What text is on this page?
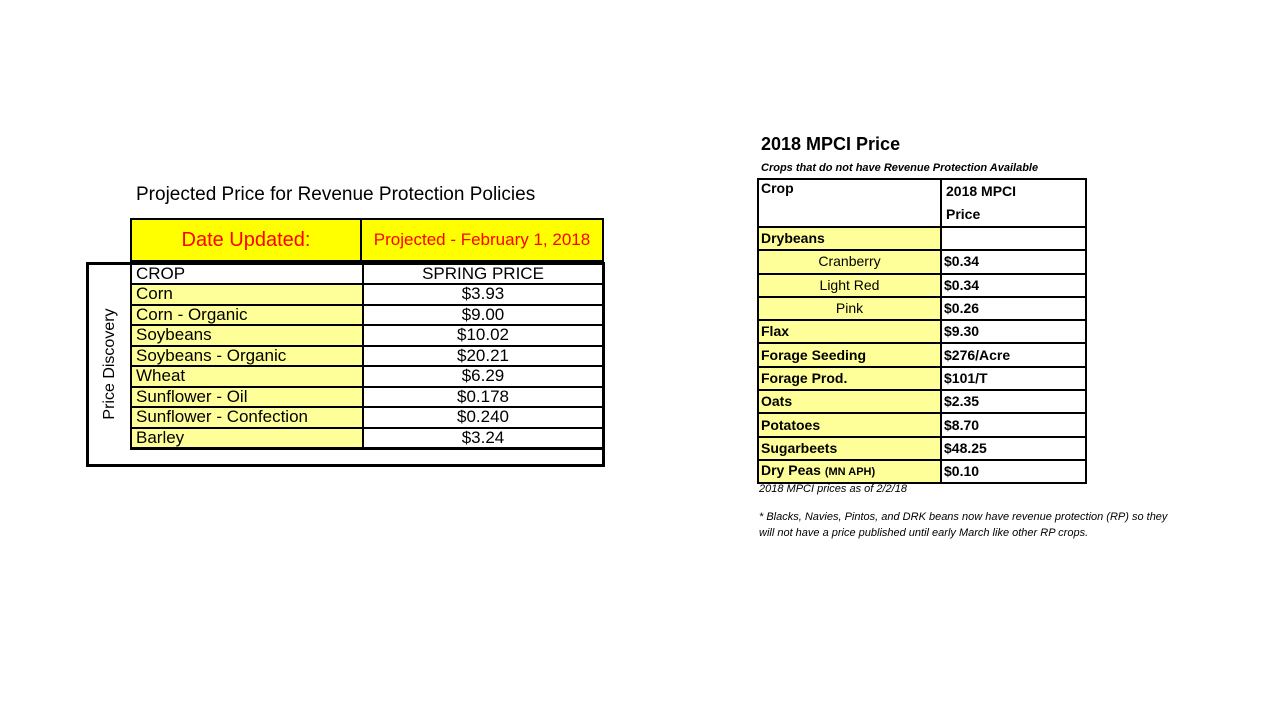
Projected Price for Revenue Protection Policies
Date Updated:	Projected - February 1, 2018
Price Discovery
CROP	SPRING PRICE
Corn	$3.93
Corn - Organic	$9.00
Soybeans	$10.02
Soybeans - Organic	$20.21
Wheat	$6.29
Sunflower - Oil	$0.178
Sunflower - Confection	$0.240
Barley	$3.24
2018 MPCI Price
Crops that do not have Revenue Protection Available
Crop	2018 MPCI
Price

Drybeans	
Cranberry	$0.34
Light Red	$0.34
Pink	$0.26
Flax	$9.30
Forage Seeding	$276/Acre
Forage Prod.	$101/T
Oats	$2.35
Potatoes	$8.70
Sugarbeets	$48.25
Dry Peas (MN APH)	$0.10
2018 MPCI prices as of 2/2/18
* Blacks, Navies, Pintos, and DRK beans now have revenue protection (RP) so they will not have a price published until early March like other RP crops.
